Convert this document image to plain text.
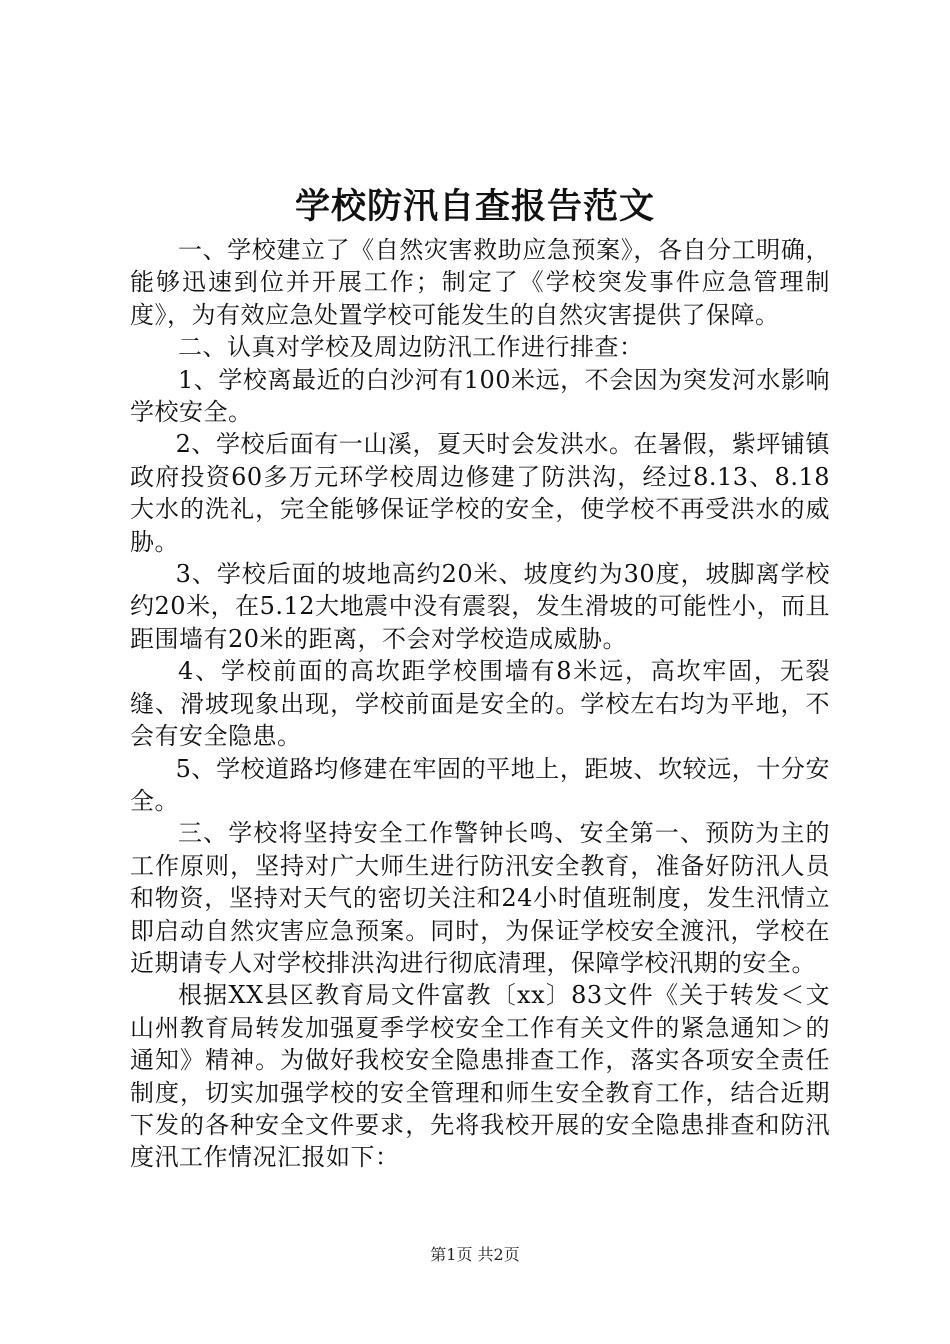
学校防汛自查报告范文

一、学校建立了《自然灾害救助应急预案》，各自分工明确，能够迅速到位并开展工作；制定了《学校突发事件应急管理制度》，为有效应急处置学校可能发生的自然灾害提供了保障。

二、认真对学校及周边防汛工作进行排查：

1、学校离最近的白沙河有100米远，不会因为突发河水影响学校安全。

2、学校后面有一山溪，夏天时会发洪水。在暑假，紫坪铺镇政府投资60多万元环学校周边修建了防洪沟，经过8.13、8.18大水的洗礼，完全能够保证学校的安全，使学校不再受洪水的威胁。

3、学校后面的坡地高约20米、坡度约为30度，坡脚离学校约20米，在5.12大地震中没有震裂，发生滑坡的可能性小，而且距围墙有20米的距离，不会对学校造成威胁。

4、学校前面的高坎距学校围墙有8米远，高坎牢固，无裂缝、滑坡现象出现，学校前面是安全的。学校左右均为平地，不会有安全隐患。

5、学校道路均修建在牢固的平地上，距坡、坎较远，十分安全。

三、学校将坚持安全工作警钟长鸣、安全第一、预防为主的工作原则，坚持对广大师生进行防汛安全教育，准备好防汛人员和物资，坚持对天气的密切关注和24小时值班制度，发生汛情立即启动自然灾害应急预案。同时，为保证学校安全渡汛，学校在近期请专人对学校排洪沟进行彻底清理，保障学校汛期的安全。

根据XX县区教育局文件富教〔xx〕83文件《关于转发＜文山州教育局转发加强夏季学校安全工作有关文件的紧急通知＞的通知》精神。为做好我校安全隐患排查工作，落实各项安全责任制度，切实加强学校的安全管理和师生安全教育工作，结合近期下发的各种安全文件要求，先将我校开展的安全隐患排查和防汛度汛工作情况汇报如下：

第1页 共2页
